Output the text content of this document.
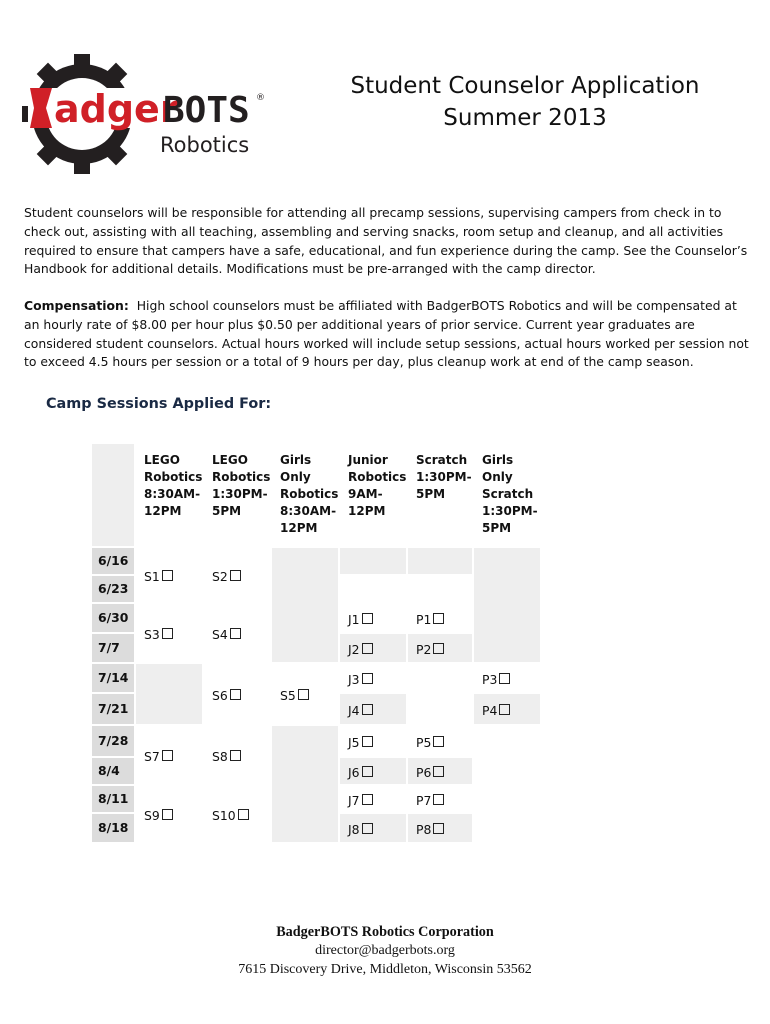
adger
BOTS ®
Robotics
Student Counselor Application
Summer 2013
Student counselors will be responsible for attending all precamp sessions, supervising campers from check in to check out, assisting with all teaching, assembling and serving snacks, room setup and cleanup, and all activities required to ensure that campers have a safe, educational, and fun experience during the camp. See the Counselor’s Handbook for additional details. Modifications must be pre-arranged with the camp director.
Compensation: High school counselors must be affiliated with BadgerBOTS Robotics and will be compensated at an hourly rate of $8.00 per hour plus $0.50 per additional years of prior service. Current year graduates are considered student counselors. Actual hours worked will include setup sessions, actual hours worked per session not to exceed 4.5 hours per session or a total of 9 hours per day, plus cleanup work at end of the camp season.
Camp Sessions Applied For:
LEGO
Robotics
8:30AM-
12PM
LEGO
Robotics
1:30PM-
5PM
Girls
Only
Robotics
8:30AM-
12PM
Junior
Robotics
9AM-
12PM
Scratch
1:30PM-
5PM
Girls Only
Scratch
1:30PM-
5PM
6/16
6/23
6/30
7/7
7/14
7/21
7/28
8/4
8/11
8/18
S1
S3
S7
S9
S2
S4
S6
S8
S10
S5
J1
J2
J3
J4
J5
J6
J7
J8
P1
P2
P5
P6
P7
P8
P3
P4
BadgerBOTS Robotics Corporation
director@badgerbots.org
7615 Discovery Drive, Middleton, Wisconsin 53562
